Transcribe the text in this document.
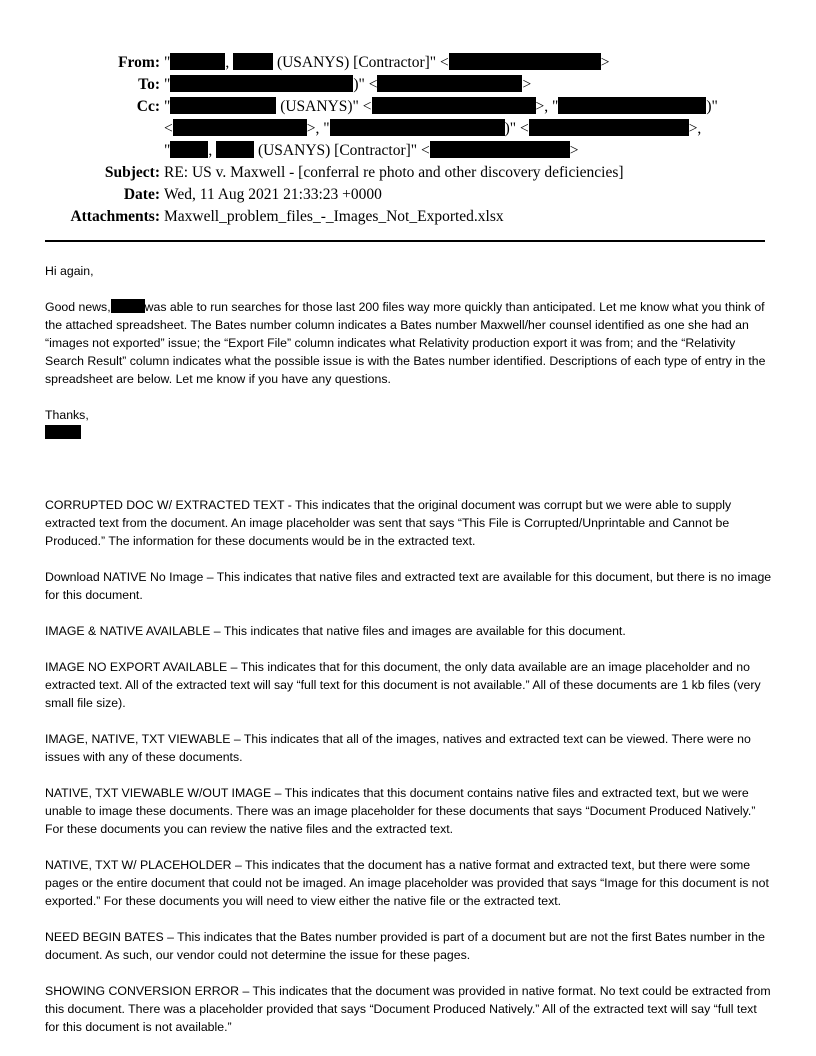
From: "	,	(USANYS) [Contractor]" <	>
To: "	)" <	>
Cc: "	(USANYS)" <	>, "	)"
<	>, "	)" <	>,
" ,	(USANYS) [Contractor]" <	>
Subject: RE: US v. Maxwell - [conferral re photo and other discovery deficiencies]
Date: Wed, 11 Aug 2021 21:33:23 +0000
Attachments: Maxwell_problem_files_-_Images_Not_Exported.xlsx

Hi again,

Good news,	was able to run searches for those last 200 files way more quickly than anticipated. Let me know what you think of the attached spreadsheet. The Bates number column indicates a Bates number Maxwell/her counsel identified as one she had an “images not exported” issue; the “Export File” column indicates what Relativity production export it was from; and the “Relativity Search Result” column indicates what the possible issue is with the Bates number identified. Descriptions of each type of entry in the spreadsheet are below. Let me know if you have any questions.

Thanks,

CORRUPTED DOC W/ EXTRACTED TEXT - This indicates that the original document was corrupt but we were able to supply extracted text from the document. An image placeholder was sent that says “This File is Corrupted/Unprintable and Cannot be Produced.” The information for these documents would be in the extracted text.

Download NATIVE No Image – This indicates that native files and extracted text are available for this document, but there is no image for this document.

IMAGE & NATIVE AVAILABLE – This indicates that native files and images are available for this document.

IMAGE NO EXPORT AVAILABLE – This indicates that for this document, the only data available are an image placeholder and no extracted text. All of the extracted text will say “full text for this document is not available.” All of these documents are 1 kb files (very small file size).

IMAGE, NATIVE, TXT VIEWABLE – This indicates that all of the images, natives and extracted text can be viewed. There were no issues with any of these documents.

NATIVE, TXT VIEWABLE W/OUT IMAGE – This indicates that this document contains native files and extracted text, but we were unable to image these documents. There was an image placeholder for these documents that says “Document Produced Natively.” For these documents you can review the native files and the extracted text.

NATIVE, TXT W/ PLACEHOLDER – This indicates that the document has a native format and extracted text, but there were some pages or the entire document that could not be imaged. An image placeholder was provided that says “Image for this document is not exported.” For these documents you will need to view either the native file or the extracted text.

NEED BEGIN BATES – This indicates that the Bates number provided is part of a document but are not the first Bates number in the document. As such, our vendor could not determine the issue for these pages.

SHOWING CONVERSION ERROR – This indicates that the document was provided in native format. No text could be extracted from this document. There was a placeholder provided that says “Document Produced Natively.” All of the extracted text will say “full text for this document is not available.”
